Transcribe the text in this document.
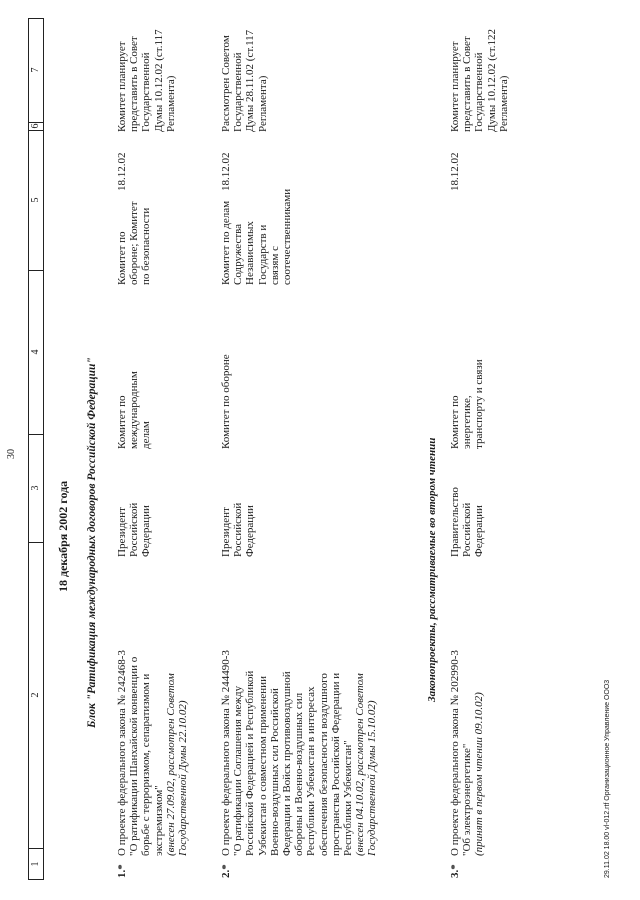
30
1
2
3
4
5
6
7
18 декабря 2002 года Блок "Ратификация международных договоров Российской Федерации"
1.*
О проекте федерального закона № 242468-3 "О ратификации Шанхайской конвенции о борьбе с терроризмом, сепаратизмом и экстремизмом" (внесен 27.09.02, рассмотрен Советом Государственной Думы 22.10.02)
Президент Российской Федерации
Комитет по международным делам
Комитет по обороне; Комитет по безопасности
18.12.02
Комитет планирует представить в Совет Государственной Думы 10.12.02 (ст.117 Регламента)
2.*
О проекте федерального закона № 244490-3 "О ратификации Соглашения между Российской Федерацией и Республикой Узбекистан о совместном применении Военно-воздушных сил Российской Федерации и Войск противовоздушной обороны и Военно-воздушных сил Республики Узбекистан в интересах обеспечения безопасности воздушного пространства Российской Федерации и Республики Узбекистан" (внесен 04.10.02, рассмотрен Советом Государственной Думы 15.10.02)
Президент Российской Федерации
Комитет по обороне
Комитет по делам Содружества Независимых Государств и связям с соотечественниками
18.12.02
Рассмотрен Советом Государственной Думы 28.11.02 (ст.117 Регламента)
Законопроекты, рассматриваемые во втором чтении
3.*
О проекте федерального закона № 202990-3 "Об электроэнергетике" (принят в первом чтении 09.10.02)
Правительство Российской Федерации
Комитет по энергетике, транспорту и связи
18.12.02
Комитет планирует представить в Совет Государственной Думы 10.12.02 (ст.122 Регламента)
29.11.02 18.00 vl-012.rtf Организационное Управление ООО3
